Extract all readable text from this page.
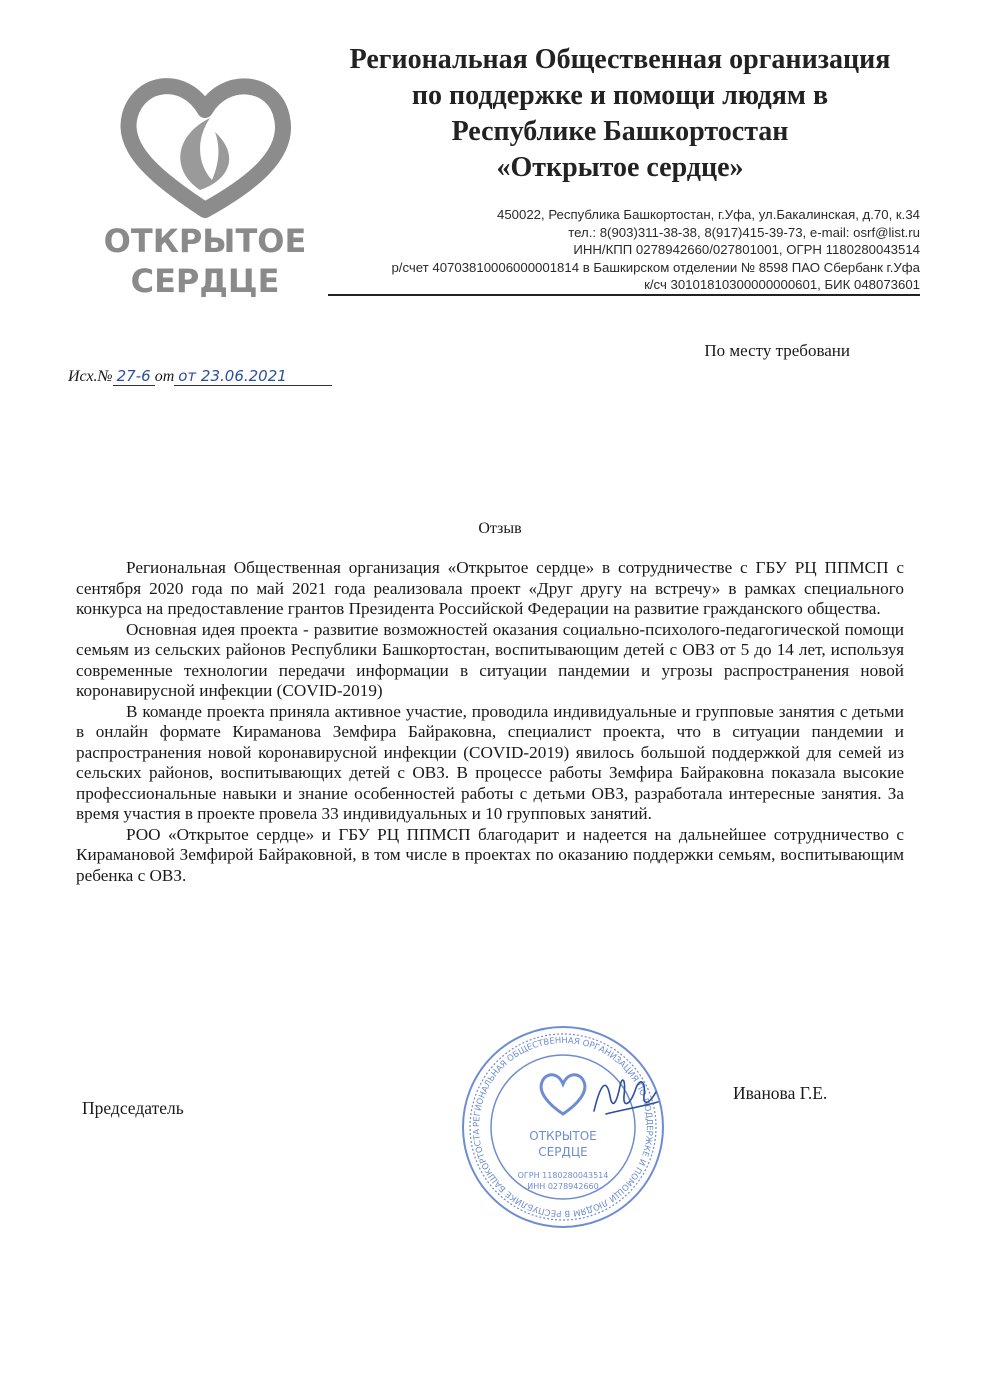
ОТКРЫТОЕ
СЕРДЦЕ
Региональная Общественная организация
по поддержке и помощи людям в
Республике Башкортостан
«Открытое сердце»
450022, Республика Башкортостан, г.Уфа, ул.Бакалинская, д.70, к.34
тел.: 8(903)311-38-38, 8(917)415-39-73, e-mail: osrf@list.ru
ИНН/КПП 0278942660/027801001, ОГРН 1180280043514
р/счет 40703810006000001814 в Башкирском отделении № 8598 ПАО Сбербанк г.Уфа
к/сч 30101810300000000601, БИК 048073601
По месту требовани
Исх.№ 27-6 от от 23.06.2021
Отзыв

Региональная Общественная организация «Открытое сердце» в сотрудничестве с ГБУ РЦ ППМСП с сентября 2020 года по май 2021 года реализовала проект «Друг другу на встречу» в рамках специального конкурса на предоставление грантов Президента Российской Федерации на развитие гражданского общества.

Основная идея проекта - развитие возможностей оказания социально-психолого-педагогической помощи семьям из сельских районов Республики Башкортостан, воспитывающим детей с ОВЗ от 5 до 14 лет, используя современные технологии передачи информации в ситуации пандемии и угрозы распространения новой коронавирусной инфекции (COVID-2019)

В команде проекта приняла активное участие, проводила индивидуальные и групповые занятия с детьми в онлайн формате Кирамановa Земфира Байраковна, специалист проекта, что в ситуации пандемии и распространения новой коронавирусной инфекции (COVID-2019) явилось большой поддержкой для семей из сельских районов, воспитывающих детей с ОВЗ. В процессе работы Земфира Байраковна показала высокие профессиональные навыки и знание особенностей работы с детьми ОВЗ, разработала интересные занятия. За время участия в проекте провела 33 индивидуальных и 10 групповых занятий.

РОО «Открытое сердце» и ГБУ РЦ ППМСП благодарит и надеется на дальнейшее сотрудничество с Кирамановой Земфирой Байраковной, в том числе в проектах по оказанию поддержки семьям, воспитывающим ребенка с ОВЗ.

Председатель
Иванова Г.Е.
РЕГИОНАЛЬНАЯ ОБЩЕСТВЕННАЯ ОРГАНИЗАЦИЯ ПО ПОДДЕРЖКЕ И ПОМОЩИ ЛЮДЯМ В РЕСПУБЛИКЕ БАШКОРТОСТА	ОТКРЫТОЕ
СЕРДЦЕ
ОГРН 1180280043514
ИНН 0278942660
